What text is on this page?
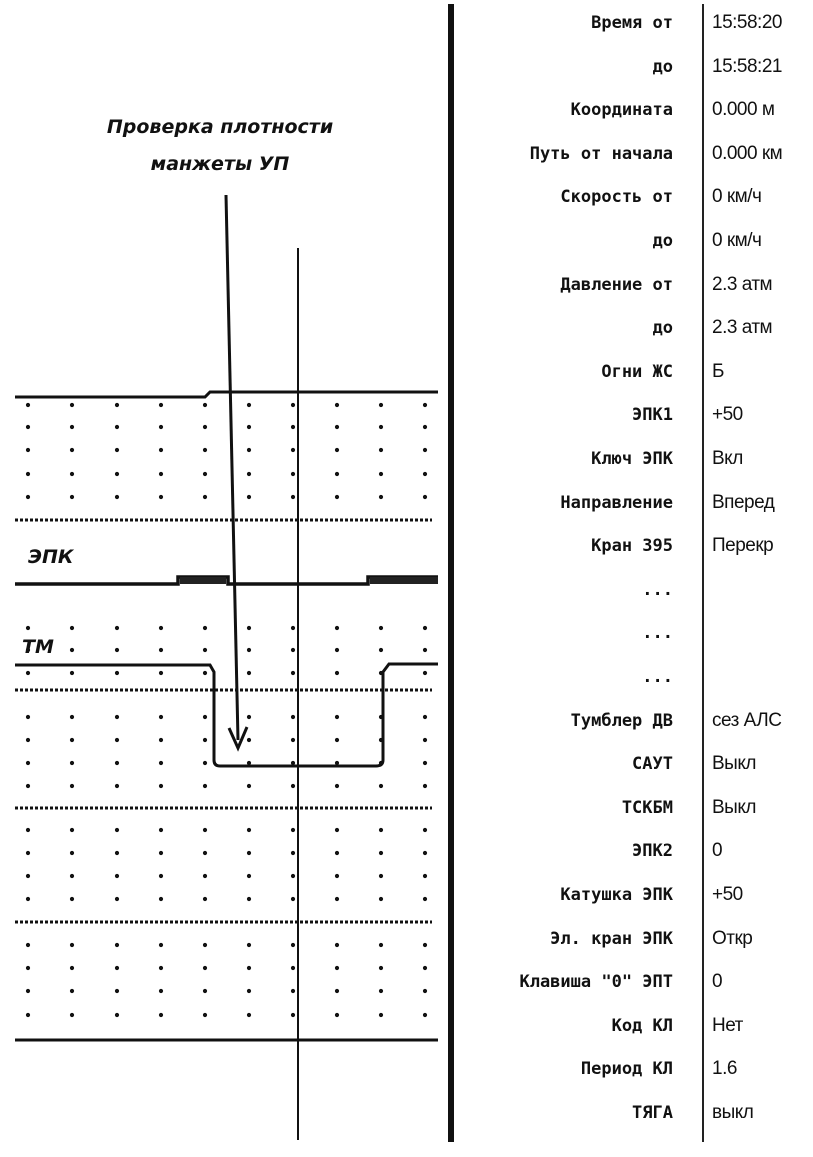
Проверка плотности
манжеты УП
ЭПК
ТМ
Время от 15:58:20
до 15:58:21
Координата 0.000 м
Путь от начала 0.000 км
Скорость от 0 км/ч
до 0 км/ч
Давление от 2.3 атм
до 2.3 атм
Огни ЖС Б
ЭПК1 +50
Ключ ЭПК Вкл
Направление Вперед
Кран 395 Перекр
...
...
...
Тумблер ДВ сез АЛС
САУТ Выкл
ТСКБМ Выкл
ЭПК2 0
Катушка ЭПК +50
Эл. кран ЭПК Откр
Клавиша "0" ЭПТ 0
Код КЛ Нет
Период КЛ 1.6
ТЯГА выкл
